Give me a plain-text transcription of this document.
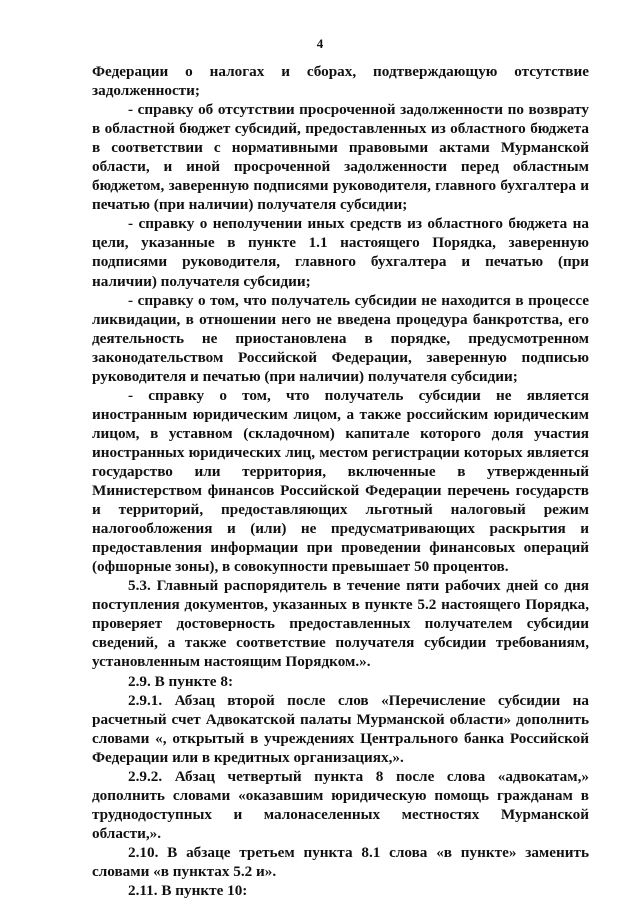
4

Федерации о налогах и сборах, подтверждающую отсутствие задолженности;

- справку об отсутствии просроченной задолженности по возврату в областной бюджет субсидий, предоставленных из областного бюджета в соответствии с нормативными правовыми актами Мурманской области, и иной просроченной задолженности перед областным бюджетом, заверенную подписями руководителя, главного бухгалтера и печатью (при наличии) получателя субсидии;

- справку о неполучении иных средств из областного бюджета на цели, указанные в пункте 1.1 настоящего Порядка, заверенную подписями руководителя, главного бухгалтера и печатью (при наличии) получателя субсидии;

- справку о том, что получатель субсидии не находится в процессе ликвидации, в отношении него не введена процедура банкротства, его деятельность не приостановлена в порядке, предусмотренном законодательством Российской Федерации, заверенную подписью руководителя и печатью (при наличии) получателя субсидии;

- справку о том, что получатель субсидии не является иностранным юридическим лицом, а также российским юридическим лицом, в уставном (складочном) капитале которого доля участия иностранных юридических лиц, местом регистрации которых является государство или территория, включенные в утвержденный Министерством финансов Российской Федерации перечень государств и территорий, предоставляющих льготный налоговый режим налогообложения и (или) не предусматривающих раскрытия и предоставления информации при проведении финансовых операций (офшорные зоны), в совокупности превышает 50 процентов.

5.3. Главный распорядитель в течение пяти рабочих дней со дня поступления документов, указанных в пункте 5.2 настоящего Порядка, проверяет достоверность предоставленных получателем субсидии сведений, а также соответствие получателя субсидии требованиям, установленным настоящим Порядком.».

2.9. В пункте 8:

2.9.1. Абзац второй после слов «Перечисление субсидии на расчетный счет Адвокатской палаты Мурманской области» дополнить словами «, открытый в учреждениях Центрального банка Российской Федерации или в кредитных организациях,».

2.9.2. Абзац четвертый пункта 8 после слова «адвокатам,» дополнить словами «оказавшим юридическую помощь гражданам в труднодоступных и малонаселенных местностях Мурманской области,».

2.10. В абзаце третьем пункта 8.1 слова «в пункте» заменить словами «в пунктах 5.2 и».

2.11. В пункте 10:
